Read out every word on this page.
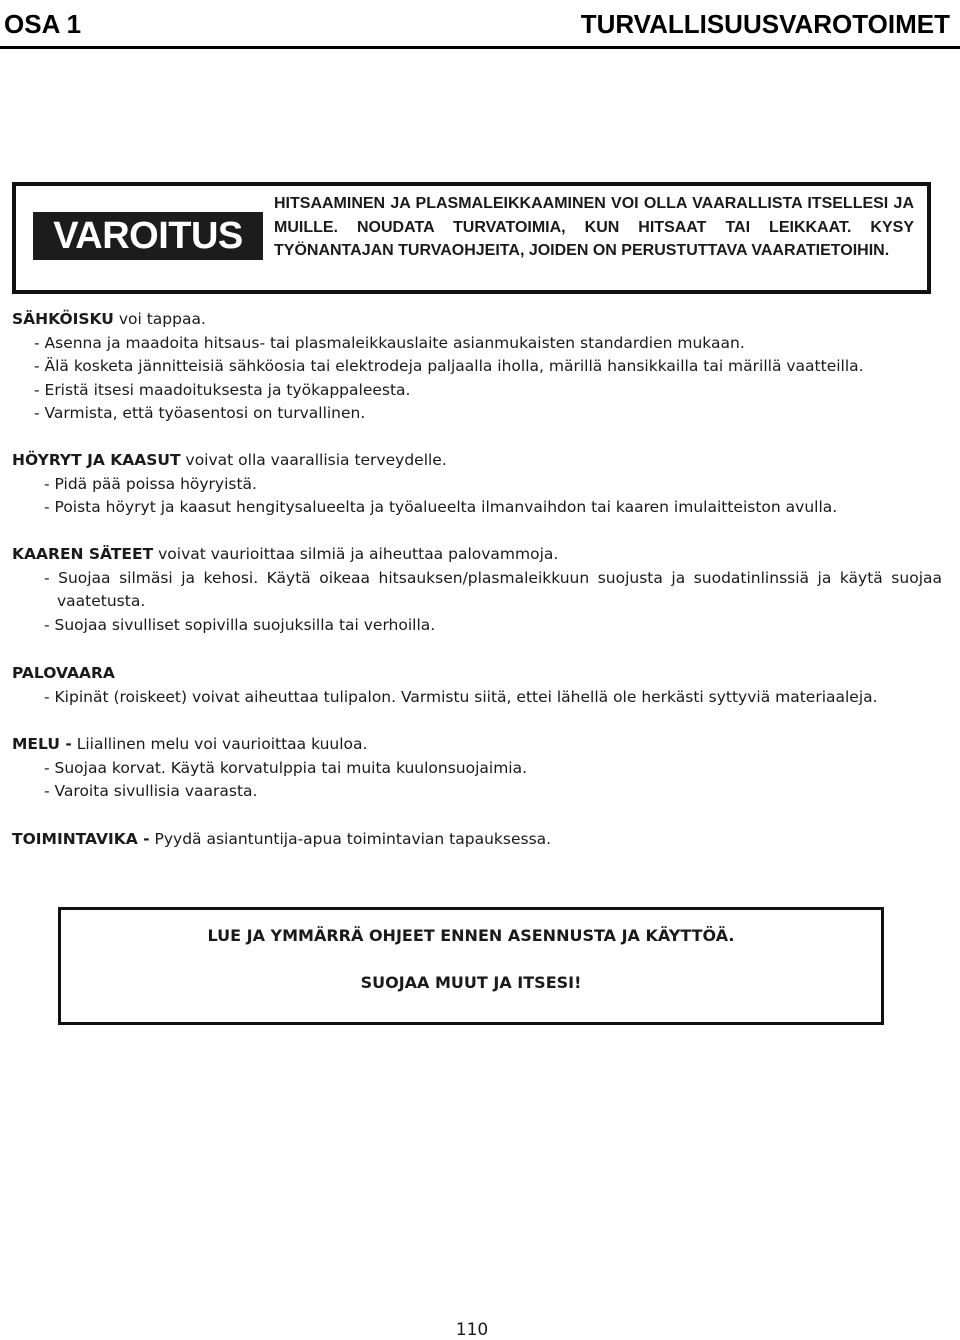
OSA 1	TURVALLISUUSVAROTOIMET
VAROITUS
HITSAAMINEN JA PLASMALEIKKAAMINEN VOI OLLA VAARALLISTA ITSELLESI JA MUILLE. NOUDATA TURVATOIMIA, KUN HITSAAT TAI LEIKKAAT. KYSY TYÖNANTAJAN TURVAOHJEITA, JOIDEN ON PERUSTUTTAVA VAARATIETOIHIN.
SÄHKÖISKU voi tappaa.
- Asenna ja maadoita hitsaus- tai plasmaleikkauslaite asianmukaisten standardien mukaan.
- Älä kosketa jännitteisiä sähköosia tai elektrodeja paljaalla iholla, märillä hansikkailla tai märillä vaatteilla.
- Eristä itsesi maadoituksesta ja työkappaleesta.
- Varmista, että työasentosi on turvallinen.
HÖYRYT JA KAASUT voivat olla vaarallisia terveydelle.
- Pidä pää poissa höyryistä.
- Poista höyryt ja kaasut hengitysalueelta ja työalueelta ilmanvaihdon tai kaaren imulaitteiston avulla.
KAAREN SÄTEET voivat vaurioittaa silmiä ja aiheuttaa palovammoja.
- Suojaa silmäsi ja kehosi. Käytä oikeaa hitsauksen/plasmaleikkuun suojusta ja suodatinlinssiä ja käytä suojaa vaatetusta.
- Suojaa sivulliset sopivilla suojuksilla tai verhoilla.
PALOVAARA
- Kipinät (roiskeet) voivat aiheuttaa tulipalon. Varmistu siitä, ettei lähellä ole herkästi syttyviä materiaaleja.
MELU - Liiallinen melu voi vaurioittaa kuuloa.
- Suojaa korvat. Käytä korvatulppia tai muita kuulonsuojaimia.
- Varoita sivullisia vaarasta.
TOIMINTAVIKA - Pyydä asiantuntija-apua toimintavian tapauksessa.
LUE JA YMMÄRRÄ OHJEET ENNEN ASENNUSTA JA KÄYTTÖÄ.
SUOJAA MUUT JA ITSESI!
110
